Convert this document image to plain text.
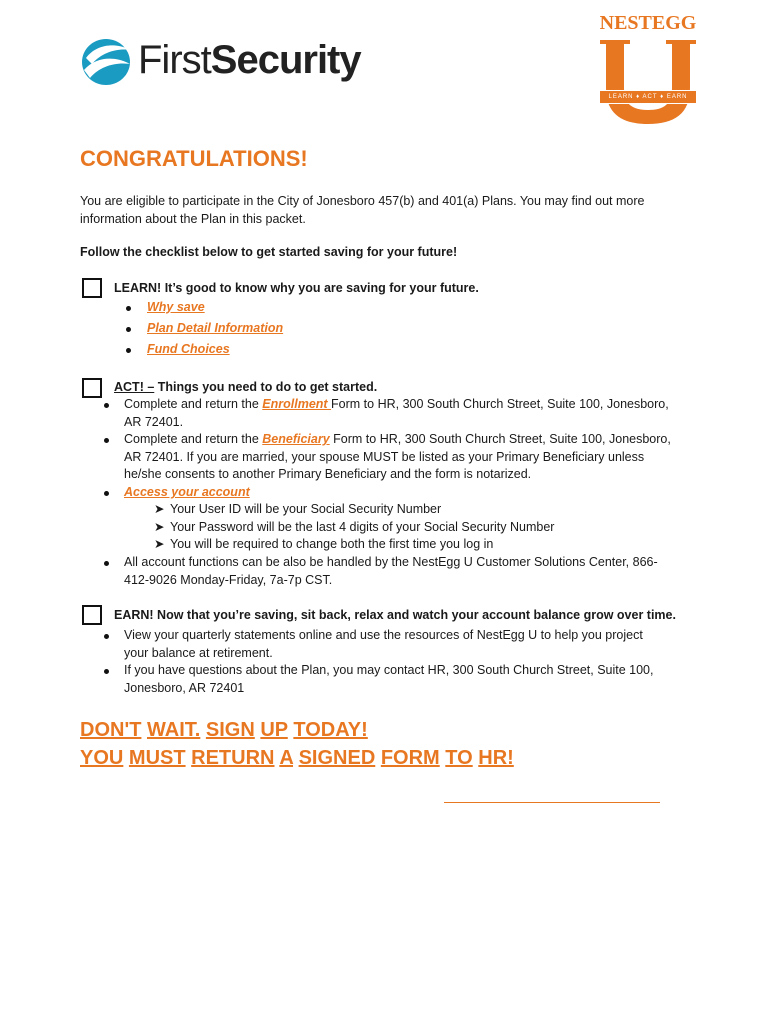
FirstSecurity
NESTEGG
LEARN ♦ ACT ♦ EARN
CONGRATULATIONS!
You are eligible to participate in the City of Jonesboro 457(b) and 401(a) Plans. You may find out more information about the Plan in this packet.
Follow the checklist below to get started saving for your future!
LEARN! It’s good to know why you are saving for your future.
Why save
Plan Detail Information
Fund Choices
ACT! – Things you need to do to get started.
Complete and return the Enrollment Form to HR, 300 South Church Street, Suite 100, Jonesboro,
AR 72401.
Complete and return the Beneficiary Form to HR, 300 South Church Street, Suite 100, Jonesboro,
AR 72401. If you are married, your spouse MUST be listed as your Primary Beneficiary unless
he/she consents to another Primary Beneficiary and the form is notarized.
Access your account
➤ Your User ID will be your Social Security Number
➤ Your Password will be the last 4 digits of your Social Security Number
➤ You will be required to change both the first time you log in
All account functions can be also be handled by the NestEgg U Customer Solutions Center, 866-
412-9026 Monday-Friday, 7a-7p CST.
EARN! Now that you’re saving, sit back, relax and watch your account balance grow over time.
View your quarterly statements online and use the resources of NestEgg U to help you project
your balance at retirement.
If you have questions about the Plan, you may contact HR, 300 South Church Street, Suite 100,
Jonesboro, AR 72401
DON'T WAIT. SIGN UP TODAY!
YOU MUST RETURN A SIGNED FORM TO HR!
